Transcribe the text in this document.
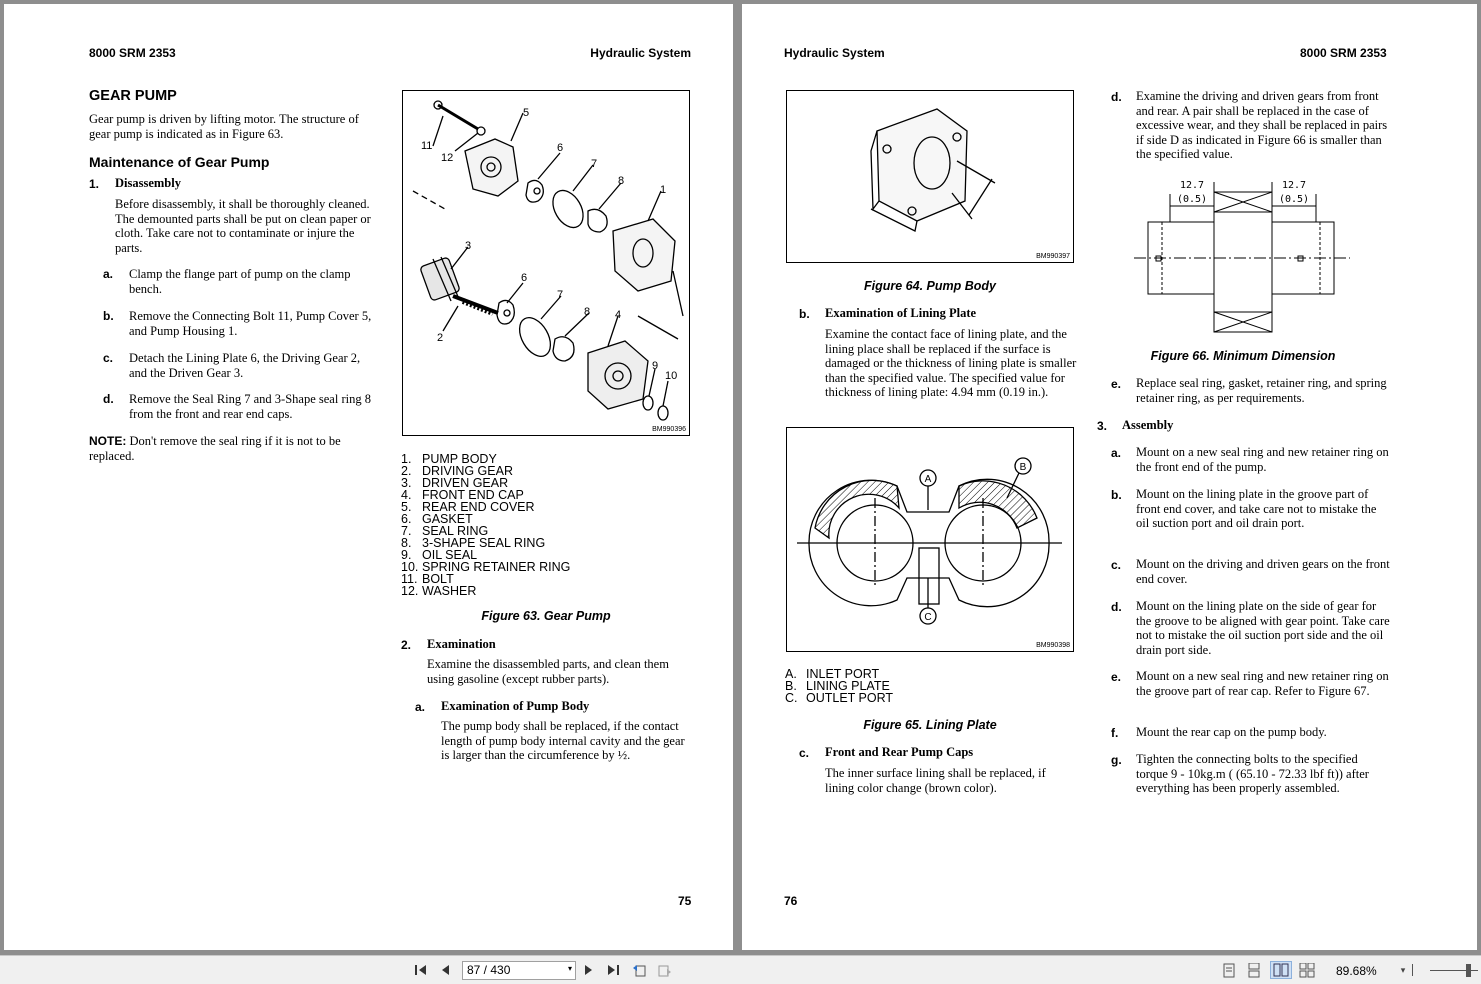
8000 SRM 2353	Hydraulic System
GEAR PUMP
Gear pump is driven by lifting motor. The structure of gear pump is indicated as in Figure 63.
Maintenance of Gear Pump
1. Disassembly
Before disassembly, it shall be thoroughly cleaned. The demounted parts shall be put on clean paper or cloth. Take care not to contaminate or injure the parts.
a. Clamp the flange part of pump on the clamp bench.
b. Remove the Connecting Bolt 11, Pump Cover 5, and Pump Housing 1.
c. Detach the Lining Plate 6, the Driving Gear 2, and the Driven Gear 3.
d. Remove the Seal Ring 7 and 3-Shape seal ring 8 from the front and rear end caps.
NOTE: Don't remove the seal ring if it is not to be replaced.
11
12
5
6
7
8
1
3
6
7
8 4
2
9
10
BM990396
1. PUMP BODY
2. DRIVING GEAR
3. DRIVEN GEAR
4. FRONT END CAP
5. REAR END COVER
6. GASKET
7. SEAL RING
8. 3-SHAPE SEAL RING
9. OIL SEAL
10. SPRING RETAINER RING
11. BOLT
12. WASHER
Figure 63. Gear Pump
2. Examination
Examine the disassembled parts, and clean them using gasoline (except rubber parts).
a. Examination of Pump Body
The pump body shall be replaced, if the contact length of pump body internal cavity and the gear is larger than the circumference by ½.
75
Hydraulic System	8000 SRM 2353
BM990397
Figure 64. Pump Body
b. Examination of Lining Plate
Examine the contact face of lining plate, and the lining place shall be replaced if the surface is damaged or the thickness of lining plate is smaller than the specified value. The specified value for thickness of lining plate: 4.94 mm (0.19 in.).
A
B
C
BM990398
A. INLET PORT
B. LINING PLATE
C. OUTLET PORT
Figure 65. Lining Plate
c. Front and Rear Pump Caps
The inner surface lining shall be replaced, if lining color change (brown color).
d. Examine the driving and driven gears from front and rear. A pair shall be replaced in the case of excessive wear, and they shall be replaced in pairs if side D as indicated in Figure 66 is smaller than the specified value.
12.7
(0.5)
12.7
(0.5)
Figure 66. Minimum Dimension
e. Replace seal ring, gasket, retainer ring, and spring retainer ring, as per requirements.
3. Assembly
a. Mount on a new seal ring and new retainer ring on the front end of the pump.
b. Mount on the lining plate in the groove part of front end cover, and take care not to mistake the oil suction port and oil drain port.
c. Mount on the driving and driven gears on the front end cover.
d. Mount on the lining plate on the side of gear for the groove to be aligned with gear point. Take care not to mistake the oil suction port side and the oil drain port side.
e. Mount on a new seal ring and new retainer ring on the groove part of rear cap. Refer to Figure 67.
f. Mount the rear cap on the pump body.
g. Tighten the connecting bolts to the specified torque 9 - 10kg.m ( (65.10 - 72.33 lbf ft)) after everything has been properly assembled.
76
87 / 430	▾	89.68%	▾
